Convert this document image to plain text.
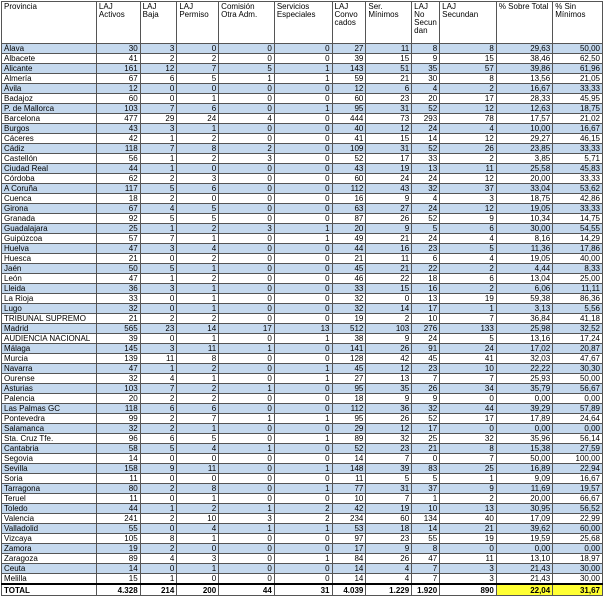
Provincia	LAJ Activos	LAJ Baja	LAJ Permiso	Comisión Otra Adm.	Servicios Especiales	LAJ Convo cados	Ser. Mínimos	LAJ No Secun dan	LAJ Secundan	% Sobre Total	% Sin Mínimos
Álava	30	3	0	0	0	27	11	8	8	29,63	50,00
Albacete	41	2	2	0	0	39	15	9	15	38,46	62,50
Alicante	161	12	7	5	1	143	51	35	57	39,86	61,96
Almería	67	6	5	1	1	59	21	30	8	13,56	21,05
Ávila	12	0	0	0	0	12	6	4	2	16,67	33,33
Badajoz	60	0	1	0	0	60	23	20	17	28,33	45,95
P. de Mallorca	103	7	6	0	1	95	31	52	12	12,63	18,75
Barcelona	477	29	24	4	0	444	73	293	78	17,57	21,02
Burgos	43	3	1	0	0	40	12	24	4	10,00	16,67
Cáceres	42	1	2	0	0	41	15	14	12	29,27	46,15
Cádiz	118	7	8	2	0	109	31	52	26	23,85	33,33
Castellón	56	1	2	3	0	52	17	33	2	3,85	5,71
Ciudad Real	44	1	0	0	0	43	19	13	11	25,58	45,83
Córdoba	62	2	3	0	0	60	24	24	12	20,00	33,33
A Coruña	117	5	6	0	0	112	43	32	37	33,04	53,62
Cuenca	18	2	0	0	0	16	9	4	3	18,75	42,86
Girona	67	4	5	0	0	63	27	24	12	19,05	33,33
Granada	92	5	5	0	0	87	26	52	9	10,34	14,75
Guadalajara	25	1	2	3	1	20	9	5	6	30,00	54,55
Guipúzcoa	57	7	1	0	1	49	21	24	4	8,16	14,29
Huelva	47	3	4	0	0	44	16	23	5	11,36	17,86
Huesca	21	0	2	0	0	21	11	6	4	19,05	40,00
Jaén	50	5	1	0	0	45	21	22	2	4,44	8,33
León	47	1	2	0	0	46	22	18	6	13,04	25,00
Lleida	36	3	1	0	0	33	15	16	2	6,06	11,11
La Rioja	33	0	1	0	0	32	0	13	19	59,38	86,36
Lugo	32	0	1	0	0	32	14	17	1	3,13	5,56
TRIBUNAL SUPREMO	21	2	2	0	0	19	2	10	7	36,84	41,18
Madrid	565	23	14	17	13	512	103	276	133	25,98	32,52
AUDIENCIA NACIONAL	39	0	1	0	1	38	9	24	5	13,16	17,24
Málaga	145	3	11	1	0	141	26	91	24	17,02	20,87
Murcia	139	11	8	0	0	128	42	45	41	32,03	47,67
Navarra	47	1	2	0	1	45	12	23	10	22,22	30,30
Ourense	32	4	1	0	1	27	13	7	7	25,93	50,00
Asturias	103	7	2	1	0	95	35	26	34	35,79	56,67
Palencia	20	2	2	0	0	18	9	9	0	0,00	0,00
Las Palmas GC	118	6	6	0	0	112	36	32	44	39,29	57,89
Pontevedra	99	2	7	1	1	95	26	52	17	17,89	24,64
Salamanca	32	2	1	0	0	29	12	17	0	0,00	0,00
Sta. Cruz Tfe.	96	6	5	0	1	89	32	25	32	35,96	56,14
Cantabria	58	5	4	1	0	52	23	21	8	15,38	27,59
Segovia	14	0	0	0	0	14	7	0	7	50,00	100,00
Sevilla	158	9	11	0	1	148	39	83	25	16,89	22,94
Soria	11	0	0	0	0	11	5	5	1	9,09	16,67
Tarragona	80	2	8	0	1	77	31	37	9	11,69	19,57
Teruel	11	0	1	0	0	10	7	1	2	20,00	66,67
Toledo	44	1	2	1	2	42	19	10	13	30,95	56,52
Valencia	241	2	10	3	2	234	60	134	40	17,09	22,99
Valladolid	55	0	4	1	1	53	18	14	21	39,62	60,00
Vizcaya	105	8	1	0	0	97	23	55	19	19,59	25,68
Zamora	19	2	0	0	0	17	9	8	0	0,00	0,00
Zaragoza	89	4	3	0	1	84	26	47	11	13,10	18,97
Ceuta	14	0	1	0	0	14	4	7	3	21,43	30,00
Melilla	15	1	0	0	0	14	4	7	3	21,43	30,00
TOTAL	4.328	214	200	44	31	4.039	1.229	1.920	890	22,04	31,67
